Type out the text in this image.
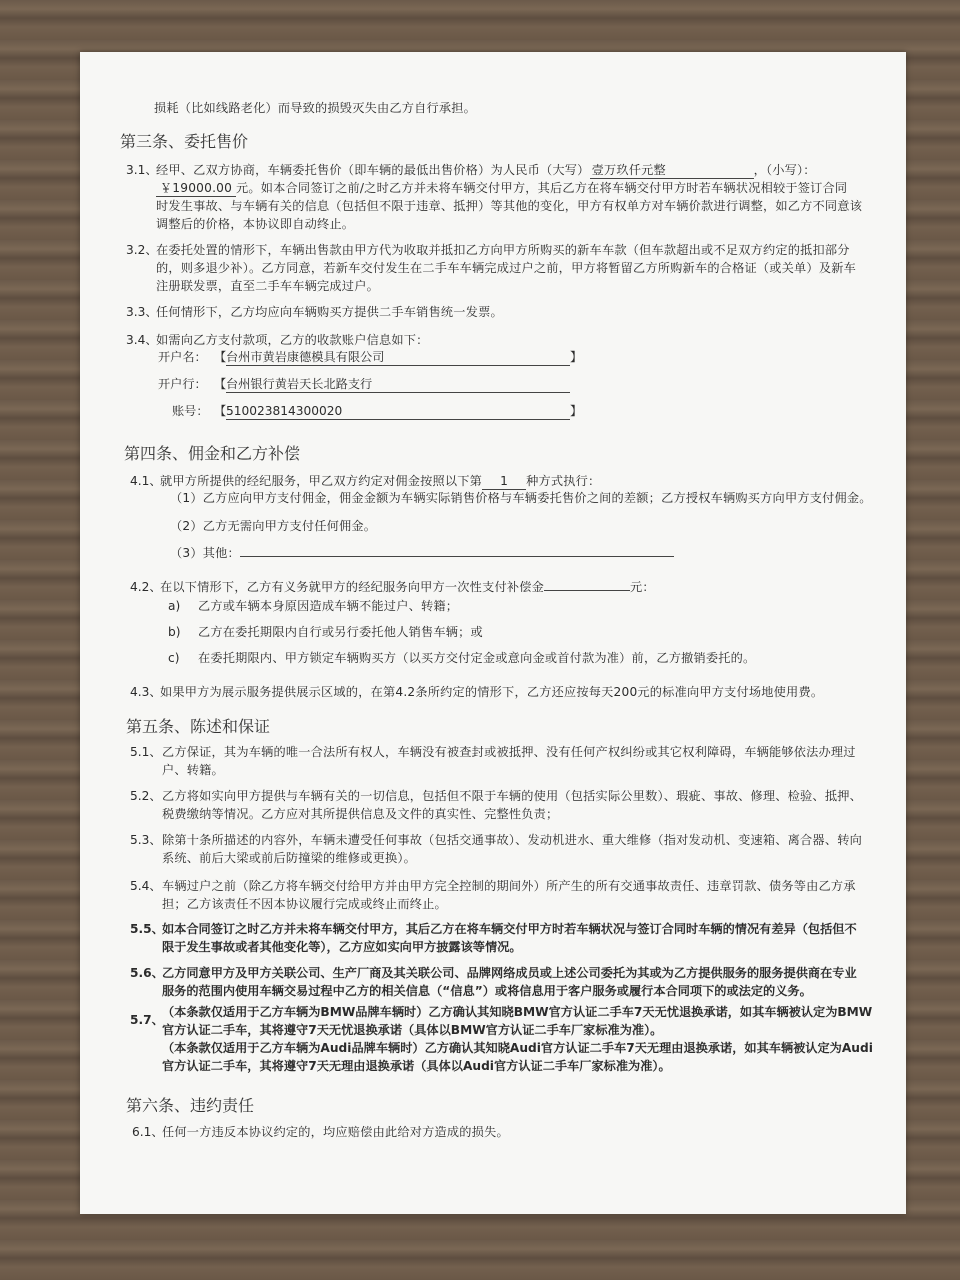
损耗（比如线路老化）而导致的损毁灭失由乙方自行承担。
第三条、委托售价
3.1、
经甲、乙双方协商，车辆委托售价（即车辆的最低出售价格）为人民币（大写） 壹万玖仟元整	，（小写）：
￥19000.00 元。如本合同签订之前/之时乙方并未将车辆交付甲方，其后乙方在将车辆交付甲方时若车辆状况相较于签订合同
时发生事故、与车辆有关的信息（包括但不限于违章、抵押）等其他的变化，甲方有权单方对车辆价款进行调整，如乙方不同意该
调整后的价格，本协议即自动终止。
3.2、
在委托处置的情形下，车辆出售款由甲方代为收取并抵扣乙方向甲方所购买的新车车款（但车款超出或不足双方约定的抵扣部分
的，则多退少补）。乙方同意，若新车交付发生在二手车车辆完成过户之前，甲方将暂留乙方所购新车的合格证（或关单）及新车
注册联发票，直至二手车车辆完成过户。
3.3、
任何情形下，乙方均应向车辆购买方提供二手车销售统一发票。
3.4、
如需向乙方支付款项，乙方的收款账户信息如下：
开户名： 【 台州市黄岩康德模具有限公司	】
开户行： 【 台州银行黄岩天长北路支行
账号： 【 510023814300020	】
第四条、佣金和乙方补偿
4.1、
就甲方所提供的经纪服务，甲乙双方约定对佣金按照以下第 1 种方式执行：
（1）乙方应向甲方支付佣金，佣金金额为车辆实际销售价格与车辆委托售价之间的差额；乙方授权车辆购买方向甲方支付佣金。
（2）乙方无需向甲方支付任何佣金。
（3）其他：
4.2、
在以下情形下，乙方有义务就甲方的经纪服务向甲方一次性支付补偿金	元：
a) 乙方或车辆本身原因造成车辆不能过户、转籍；
b) 乙方在委托期限内自行或另行委托他人销售车辆；或
c) 在委托期限内、甲方锁定车辆购买方（以买方交付定金或意向金或首付款为准）前，乙方撤销委托的。
4.3、
如果甲方为展示服务提供展示区域的，在第4.2条所约定的情形下，乙方还应按每天200元的标准向甲方支付场地使用费。
第五条、陈述和保证
5.1、 乙方保证，其为车辆的唯一合法所有权人，车辆没有被查封或被抵押、没有任何产权纠纷或其它权利障碍，车辆能够依法办理过
户、转籍。
5.2、 乙方将如实向甲方提供与车辆有关的一切信息，包括但不限于车辆的使用（包括实际公里数）、瑕疵、事故、修理、检验、抵押、
税费缴纳等情况。乙方应对其所提供信息及文件的真实性、完整性负责；
5.3、 除第十条所描述的内容外，车辆未遭受任何事故（包括交通事故）、发动机进水、重大维修（指对发动机、变速箱、离合器、转向
系统、前后大梁或前后防撞梁的维修或更换）。
5.4、 车辆过户之前（除乙方将车辆交付给甲方并由甲方完全控制的期间外）所产生的所有交通事故责任、违章罚款、债务等由乙方承
担；乙方该责任不因本协议履行完成或终止而终止。
5.5、
如本合同签订之时乙方并未将车辆交付甲方，其后乙方在将车辆交付甲方时若车辆状况与签订合同时车辆的情况有差异（包括但不
限于发生事故或者其他变化等），乙方应如实向甲方披露该等情况。
5.6、
乙方同意甲方及甲方关联公司、生产厂商及其关联公司、品牌网络成员或上述公司委托为其或为乙方提供服务的服务提供商在专业
服务的范围内使用车辆交易过程中乙方的相关信息（“信息”）或将信息用于客户服务或履行本合同项下的或法定的义务。
5.7、
（本条款仅适用于乙方车辆为BMW品牌车辆时）乙方确认其知晓BMW官方认证二手车7天无忧退换承诺，如其车辆被认定为BMW
官方认证二手车，其将遵守7天无忧退换承诺（具体以BMW官方认证二手车厂家标准为准）。
（本条款仅适用于乙方车辆为Audi品牌车辆时）乙方确认其知晓Audi官方认证二手车7天无理由退换承诺，如其车辆被认定为Audi
官方认证二手车，其将遵守7天无理由退换承诺（具体以Audi官方认证二手车厂家标准为准）。
第六条、违约责任
6.1、
任何一方违反本协议约定的，均应赔偿由此给对方造成的损失。
